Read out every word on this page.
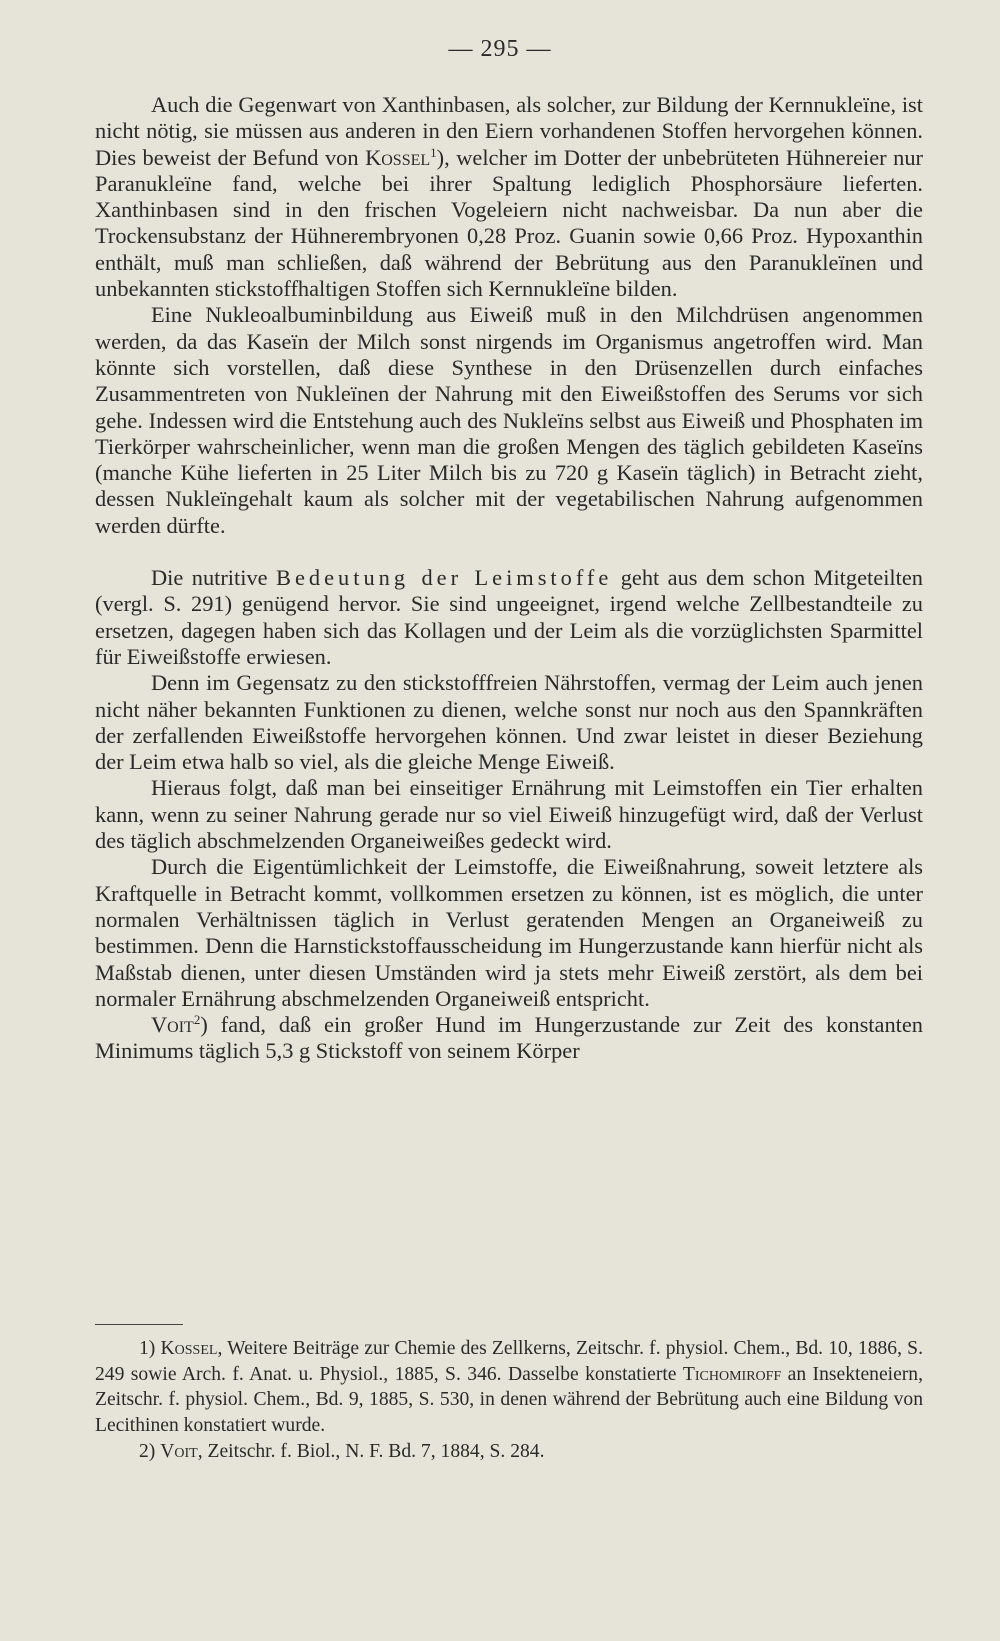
— 295 —

Auch die Gegenwart von Xanthinbasen, als solcher, zur Bildung der Kernnukleïne, ist nicht nötig, sie müssen aus anderen in den Eiern vorhandenen Stoffen hervorgehen können. Dies beweist der Befund von Kossel$^1$), welcher im Dotter der unbebrüteten Hühnereier nur Paranukleïne fand, welche bei ihrer Spaltung lediglich Phosphorsäure lieferten. Xanthinbasen sind in den frischen Vogeleiern nicht nachweisbar. Da nun aber die Trockensubstanz der Hühnerembryonen 0,28 Proz. Guanin sowie 0,66 Proz. Hypoxanthin enthält, muß man schließen, daß während der Bebrütung aus den Paranukleïnen und unbekannten stickstoffhaltigen Stoffen sich Kernnukleïne bilden.

Eine Nukleoalbuminbildung aus Eiweiß muß in den Milchdrüsen angenommen werden, da das Kaseïn der Milch sonst nirgends im Organismus angetroffen wird. Man könnte sich vorstellen, daß diese Synthese in den Drüsenzellen durch einfaches Zusammentreten von Nukleïnen der Nahrung mit den Eiweißstoffen des Serums vor sich gehe. Indessen wird die Entstehung auch des Nukleïns selbst aus Eiweiß und Phosphaten im Tierkörper wahrscheinlicher, wenn man die großen Mengen des täglich gebildeten Kaseïns (manche Kühe lieferten in 25 Liter Milch bis zu 720 g Kaseïn täglich) in Betracht zieht, dessen Nukleïngehalt kaum als solcher mit der vegetabilischen Nahrung aufgenommen werden dürfte.

Die nutritive Bedeutung der Leimstoffe geht aus dem schon Mitgeteilten (vergl. S. 291) genügend hervor. Sie sind ungeeignet, irgend welche Zellbestandteile zu ersetzen, dagegen haben sich das Kollagen und der Leim als die vorzüglichsten Sparmittel für Eiweißstoffe erwiesen.

Denn im Gegensatz zu den stickstofffreien Nährstoffen, vermag der Leim auch jenen nicht näher bekannten Funktionen zu dienen, welche sonst nur noch aus den Spannkräften der zerfallenden Eiweißstoffe hervorgehen können. Und zwar leistet in dieser Beziehung der Leim etwa halb so viel, als die gleiche Menge Eiweiß.

Hieraus folgt, daß man bei einseitiger Ernährung mit Leimstoffen ein Tier erhalten kann, wenn zu seiner Nahrung gerade nur so viel Eiweiß hinzugefügt wird, daß der Verlust des täglich abschmelzenden Organeiweißes gedeckt wird.

Durch die Eigentümlichkeit der Leimstoffe, die Eiweißnahrung, soweit letztere als Kraftquelle in Betracht kommt, vollkommen ersetzen zu können, ist es möglich, die unter normalen Verhältnissen täglich in Verlust geratenden Mengen an Organeiweiß zu bestimmen. Denn die Harnstickstoffausscheidung im Hungerzustande kann hierfür nicht als Maßstab dienen, unter diesen Umständen wird ja stets mehr Eiweiß zerstört, als dem bei normaler Ernährung abschmelzenden Organeiweiß entspricht.

Voit$^2$) fand, daß ein großer Hund im Hungerzustande zur Zeit des konstanten Minimums täglich 5,3 g Stickstoff von seinem Körper

1) Kossel, Weitere Beiträge zur Chemie des Zellkerns, Zeitschr. f. physiol. Chem., Bd. 10, 1886, S. 249 sowie Arch. f. Anat. u. Physiol., 1885, S. 346. Dasselbe konstatierte Tichomiroff an Insekteneiern, Zeitschr. f. physiol. Chem., Bd. 9, 1885, S. 530, in denen während der Bebrütung auch eine Bildung von Lecithinen konstatiert wurde.

2) Voit, Zeitschr. f. Biol., N. F. Bd. 7, 1884, S. 284.
